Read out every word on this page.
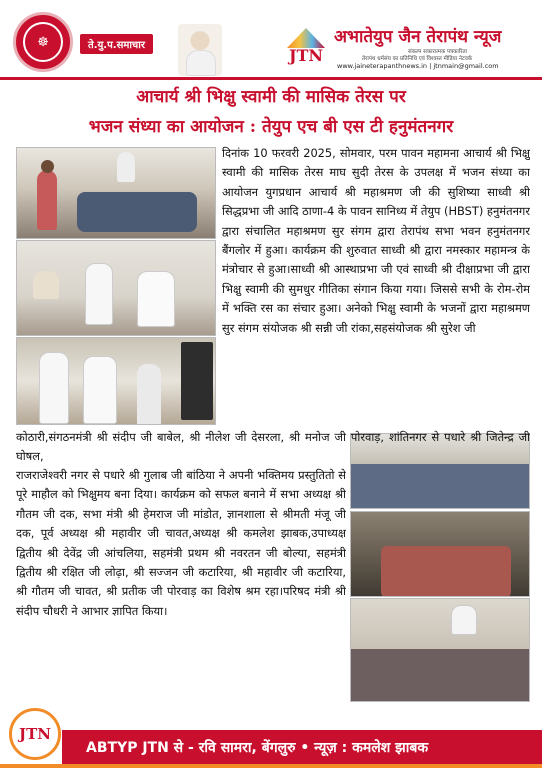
☸	ते.यु.प.समाचार
JTN
अभातेयुप जैन तेरापंथ न्यूज
संकल्प सकारात्मक पत्रकारिता
तेरापंथ धर्मसंघ का प्रतिनिधि एवं विश्वस्त मीडिया नेटवर्क
www.jaineterapanthnews.in | jtnmain@gmail.com
आचार्य श्री भिक्षु स्वामी की मासिक तेरस पर
भजन संध्या का आयोजन : तेयुप एच बी एस टी हनुमंतनगर

दिनांक 10 फरवरी 2025, सोमवार, परम पावन महामना आचार्य श्री भिक्षु स्वामी की मासिक तेरस माघ सुदी तेरस के उपलक्ष में भजन संध्या का आयोजन युगप्रधान आचार्य श्री महाश्रमण जी की सुशिष्या साध्वी श्री सिद्धप्रभा जी आदि ठाणा-4 के पावन सानिध्य में तेयुप (HBST) हनुमंतनगर द्वारा संचालित महाश्रमण सुर संगम द्वारा तेरापंथ सभा भवन हनुमंतनगर बैंगलोर में हुआ। कार्यक्रम की शुरुवात साध्वी श्री द्वारा नमस्कार महामन्त्र के मंत्रोचार से हुआ।साध्वी श्री आस्थाप्रभा जी एवं साध्वी श्री दीक्षाप्रभा जी द्वारा भिक्षु स्वामी की सुमधुर गीतिका संगान किया गया। जिससे सभी के रोम-रोम में भक्ति रस का संचार हुआ। अनेको भिक्षु स्वामी के भजनों द्वारा महाश्रमण सुर संगम संयोजक श्री सन्नी जी रांका,सहसंयोजक श्री सुरेश जी

कोठारी,संगठनमंत्री श्री संदीप जी बाबेल, श्री नीलेश जी देसरला, श्री मनोज जी पोरवाड़, शांतिनगर से पधारे श्री जितेन्द्र जी घोषल,

राजराजेश्वरी नगर से पधारे श्री गुलाब जी बांठिया ने अपनी भक्तिमय प्रस्तुतितो से पूरे माहौल को भिक्षुमय बना दिया। कार्यक्रम को सफल बनाने में सभा अध्यक्ष श्री गौतम जी दक, सभा मंत्री श्री हेमराज जी मांडोत, ज्ञानशाला से श्रीमती मंजू जी दक, पूर्व अध्यक्ष श्री महावीर जी चावत,अध्यक्ष श्री कमलेश झाबक,उपाध्यक्ष द्वितीय श्री देवेंद्र जी आंचलिया, सहमंत्री प्रथम श्री नवरतन जी बोल्या, सहमंत्री द्वितीय श्री रक्षित जी लोढ़ा, श्री सज्जन जी कटारिया, श्री महावीर जी कटारिया, श्री गौतम जी चावत, श्री प्रतीक जी पोरवाड़ का विशेष श्रम रहा।परिषद मंत्री श्री संदीप चौधरी ने आभार ज्ञापित किया।

JTN
ABTYP JTN से - रवि सामरा, बेंगलुरु • न्यूज़ : कमलेश झाबक
